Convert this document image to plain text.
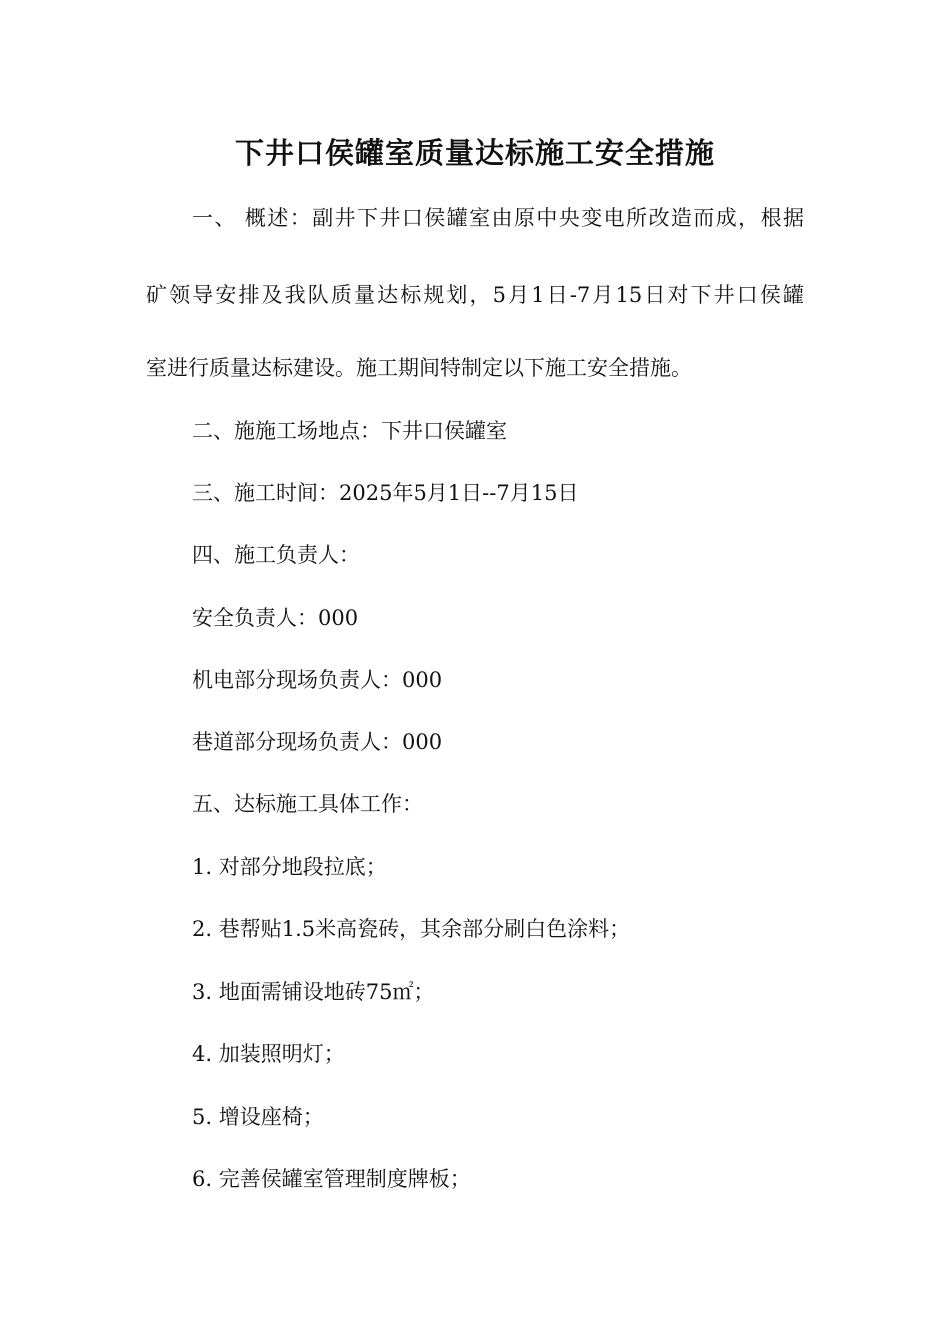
下井口侯罐室质量达标施工安全措施
一、 概述：副井下井口侯罐室由原中央变电所改造而成，根据
矿领导安排及我队质量达标规划，5月1日-7月15日对下井口侯罐
室进行质量达标建设。施工期间特制定以下施工安全措施。
二、施施工场地点：下井口侯罐室
三、施工时间：2025年5月1日--7月15日
四、施工负责人：
安全负责人：000
机电部分现场负责人：000
巷道部分现场负责人：000
五、达标施工具体工作：
1. 对部分地段拉底；
2. 巷帮贴1.5米高瓷砖，其余部分刷白色涂料；
3. 地面需铺设地砖75㎡；
4. 加装照明灯；
5. 增设座椅；
6. 完善侯罐室管理制度牌板；
